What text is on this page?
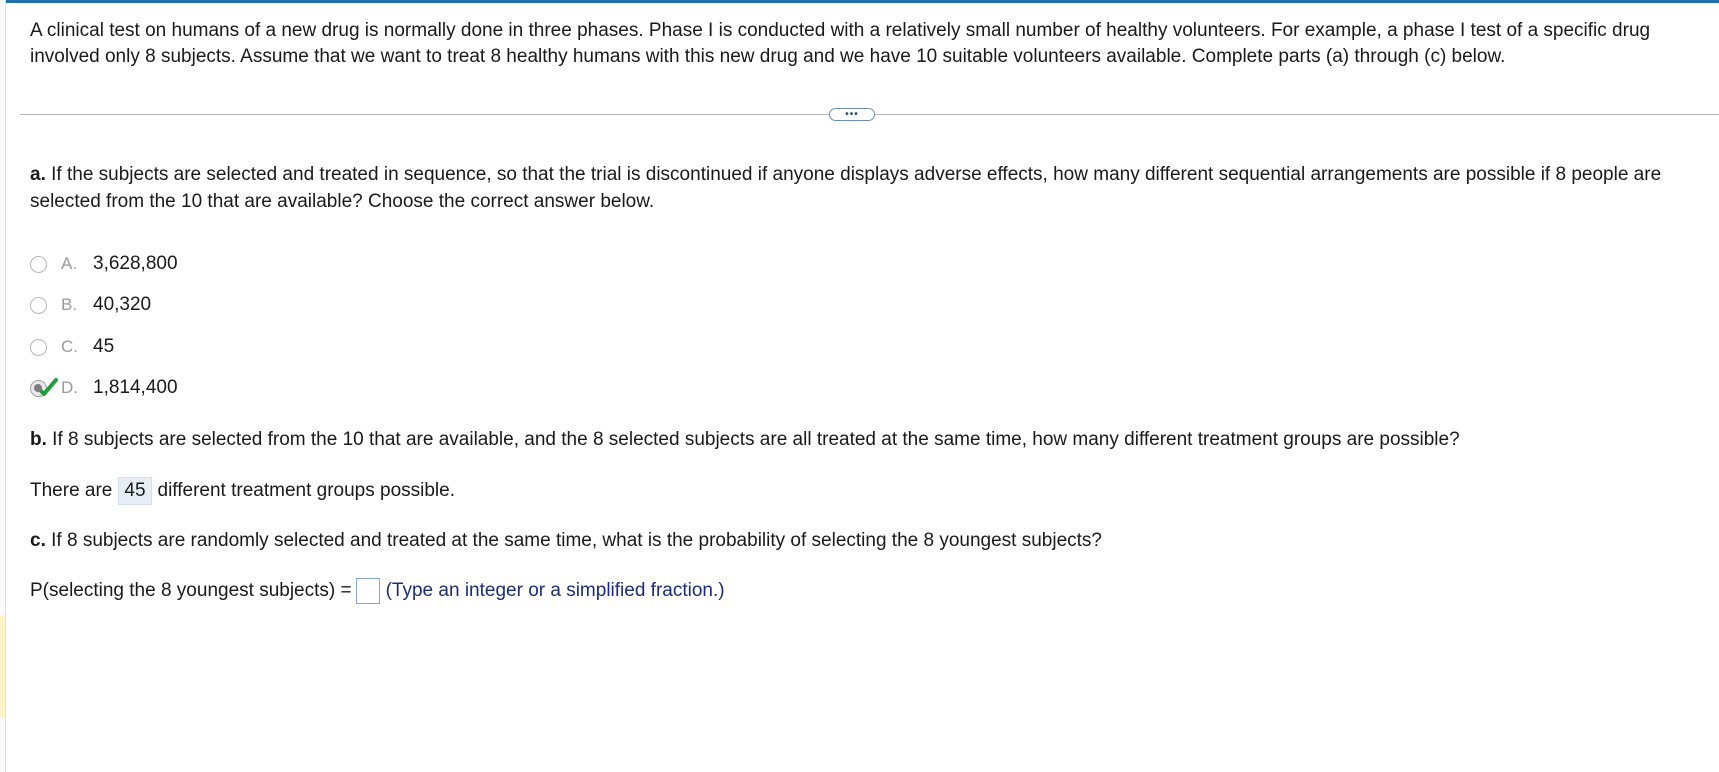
A clinical test on humans of a new drug is normally done in three phases. Phase I is conducted with a relatively small number of healthy volunteers. For example, a phase I test of a specific drug involved only 8 subjects. Assume that we want to treat 8 healthy humans with this new drug and we have 10 suitable volunteers available. Complete parts (a) through (c) below.

•••

a. If the subjects are selected and treated in sequence, so that the trial is discontinued if anyone displays adverse effects, how many different sequential arrangements are possible if 8 people are selected from the 10 that are available? Choose the correct answer below.

A. 3,628,800
B. 40,320
C. 45
D. 1,814,400

b. If 8 subjects are selected from the 10 that are available, and the 8 selected subjects are all treated at the same time, how many different treatment groups are possible?

There are 45 different treatment groups possible.

c. If 8 subjects are randomly selected and treated at the same time, what is the probability of selecting the 8 youngest subjects?

P(selecting the 8 youngest subjects) = (Type an integer or a simplified fraction.)
